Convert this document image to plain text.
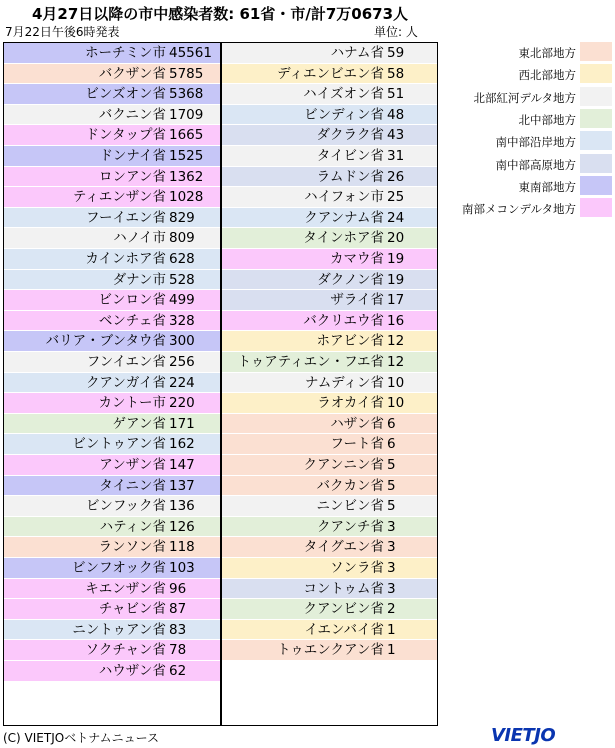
4月27日以降の市中感染者数: 61省・市/計7万0673人
7月22日午後6時発表	単位: 人
ホーチミン市 45561
バクザン省 5785
ビンズオン省 5368
バクニン省 1709
ドンタップ省 1665
ドンナイ省 1525
ロンアン省 1362
ティエンザン省 1028
フーイエン省 829
ハノイ市 809
カインホア省 628
ダナン市 528
ビンロン省 499
ベンチェ省 328
バリア・ブンタウ省 300
フンイエン省 256
クアンガイ省 224
カントー市 220
ゲアン省 171
ビントゥアン省 162
アンザン省 147
タイニン省 137
ビンフック省 136
ハティン省 126
ランソン省 118
ビンフオック省 103
キエンザン省 96
チャビン省 87
ニントゥアン省 83
ソクチャン省 78
ハウザン省 62
ハナム省 59
ディエンビエン省 58
ハイズオン省 51
ビンディン省 48
ダクラク省 43
タイビン省 31
ラムドン省 26
ハイフォン市 25
クアンナム省 24
タインホア省 20
カマウ省 19
ダクノン省 19
ザライ省 17
バクリエウ省 16
ホアビン省 12
トゥアティエン・フエ省 12
ナムディン省 10
ラオカイ省 10
ハザン省 6
フート省 6
クアンニン省 5
バクカン省 5
ニンビン省 5
クアンチ省 3
タイグエン省 3
ソンラ省 3
コントゥム省 3
クアンビン省 2
イエンバイ省 1
トゥエンクアン省 1
東北部地方
西北部地方
北部紅河デルタ地方
北中部地方
南中部沿岸地方
南中部高原地方
東南部地方
南部メコンデルタ地方
(C) VIETJOベトナムニュース	VIETJO
